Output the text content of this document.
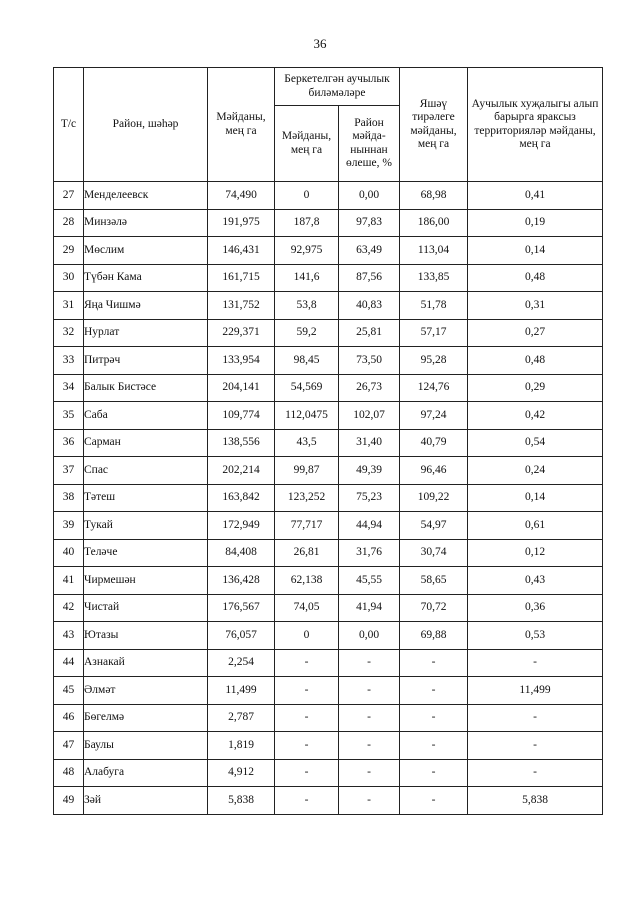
36
Т/с	Район, шәһәр	Мәйданы, мең га	Беркетелгән аучылык биләмәләре		Яшәү тирәлеге мәйданы, мең га	Аучылык хуҗалыгы алып барырга яраксыз территорияләр мәйданы, мең га
			Мәйданы, мең га	Район мәйда-ныннан өлеше, %		
27	Менделеевск	74,490	0	0,00	68,98	0,41
28	Минзәлә	191,975	187,8	97,83	186,00	0,19
29	Мөслим	146,431	92,975	63,49	113,04	0,14
30	Түбән Кама	161,715	141,6	87,56	133,85	0,48
31	Яңа Чишмә	131,752	53,8	40,83	51,78	0,31
32	Нурлат	229,371	59,2	25,81	57,17	0,27
33	Питрәч	133,954	98,45	73,50	95,28	0,48
34	Балык Бистәсе	204,141	54,569	26,73	124,76	0,29
35	Саба	109,774	112,0475	102,07	97,24	0,42
36	Сарман	138,556	43,5	31,40	40,79	0,54
37	Спас	202,214	99,87	49,39	96,46	0,24
38	Тәтеш	163,842	123,252	75,23	109,22	0,14
39	Тукай	172,949	77,717	44,94	54,97	0,61
40	Теләче	84,408	26,81	31,76	30,74	0,12
41	Чирмешән	136,428	62,138	45,55	58,65	0,43
42	Чистай	176,567	74,05	41,94	70,72	0,36
43	Ютазы	76,057	0	0,00	69,88	0,53
44	Азнакай	2,254	-	-	-	-
45	Әлмәт	11,499	-	-	-	11,499
46	Бөгелмә	2,787	-	-	-	-
47	Баулы	1,819	-	-	-	-
48	Алабуга	4,912	-	-	-	-
49	Зәй	5,838	-	-	-	5,838
